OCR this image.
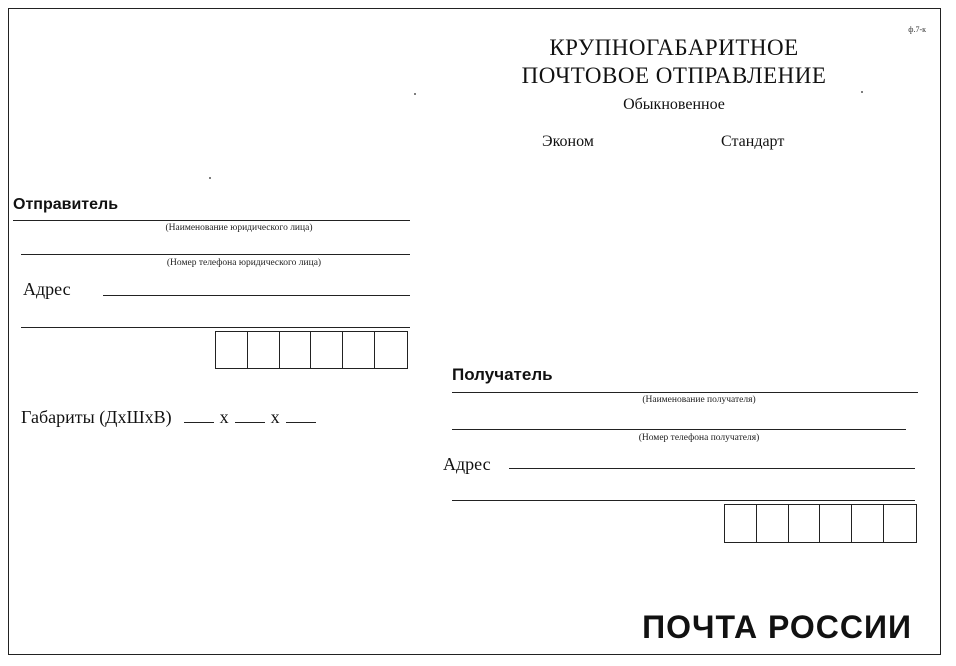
ф.7-к
КРУПНОГАБАРИТНОЕ
ПОЧТОВОЕ ОТПРАВЛЕНИЕ
Обыкновенное
Эконом	Стандарт
Отправитель
(Наименование юридического лица)
(Номер телефона юридического лица)
Адрес
Габариты (ДхШхВ)	х х
Получатель
(Наименование получателя)
(Номер телефона получателя)
Адрес
ПОЧТА РОССИИ
